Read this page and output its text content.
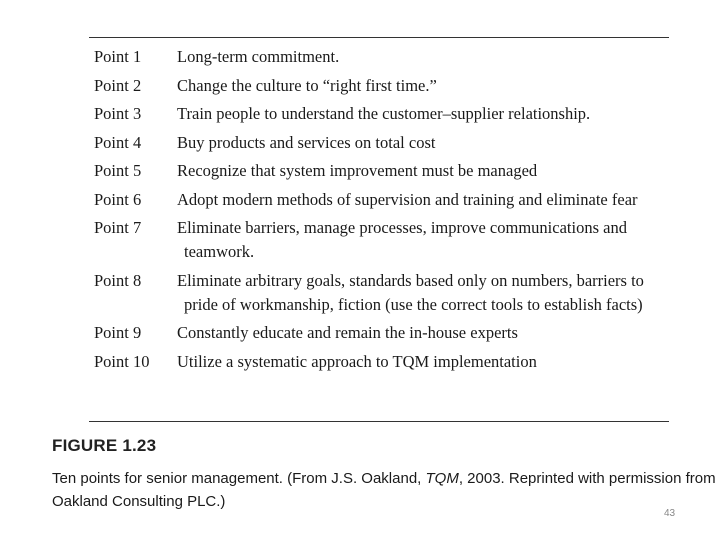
Point 1	Long-term commitment.
Point 2	Change the culture to “right first time.”
Point 3	Train people to understand the customer–supplier relationship.
Point 4	Buy products and services on total cost
Point 5	Recognize that system improvement must be managed
Point 6	Adopt modern methods of supervision and training and eliminate fear
Point 7	Eliminate barriers, manage processes, improve communications and teamwork.
Point 8	Eliminate arbitrary goals, standards based only on numbers, barriers to pride of workmanship, fiction (use the correct tools to establish facts)
Point 9	Constantly educate and remain the in-house experts
Point 10	Utilize a systematic approach to TQM implementation
FIGURE 1.23
Ten points for senior management. (From J.S. Oakland, TQM, 2003. Reprinted with permission from Oakland Consulting PLC.)
43
